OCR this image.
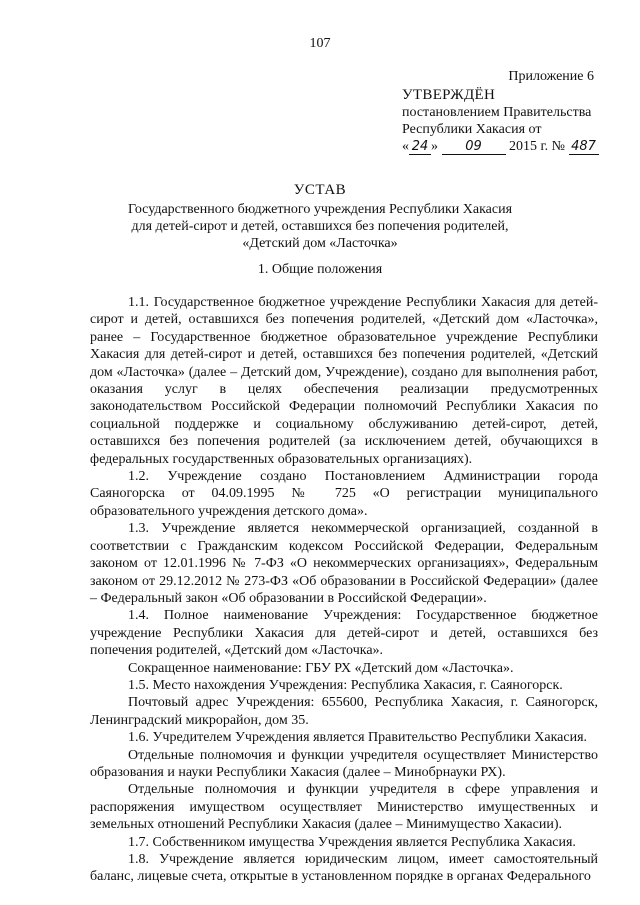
107
Приложение 6
УТВЕРЖДЁН
постановлением Правительства
Республики Хакасия от
« 24 » 09 2015 г. № 487
УСТАВ
Государственного бюджетного учреждения Республики Хакасия
для детей-сирот и детей, оставшихся без попечения родителей,
«Детский дом «Ласточка»
1. Общие положения

1.1. Государственное бюджетное учреждение Республики Хакасия для детей-сирот и детей, оставшихся без попечения родителей, «Детский дом «Ласточка», ранее – Государственное бюджетное образовательное учреждение Республики Хакасия для детей-сирот и детей, оставшихся без попечения родителей, «Детский дом «Ласточка» (далее – Детский дом, Учреждение), создано для выполнения работ, оказания услуг в целях обеспечения реализации предусмотренных законодательством Российской Федерации полномочий Республики Хакасия по социальной поддержке и социальному обслуживанию детей-сирот, детей, оставшихся без попечения родителей (за исключением детей, обучающихся в федеральных государственных образовательных организациях).

1.2. Учреждение создано Постановлением Администрации города Саяногорска от 04.09.1995 № 725 «О регистрации муниципального образовательного учреждения детского дома».

1.3. Учреждение является некоммерческой организацией, созданной в соответствии с Гражданским кодексом Российской Федерации, Федеральным законом от 12.01.1996 № 7-ФЗ «О некоммерческих организациях», Федеральным законом от 29.12.2012 № 273-ФЗ «Об образовании в Российской Федерации» (далее – Федеральный закон «Об образовании в Российской Федерации».

1.4. Полное наименование Учреждения: Государственное бюджетное учреждение Республики Хакасия для детей-сирот и детей, оставшихся без попечения родителей, «Детский дом «Ласточка».

Сокращенное наименование: ГБУ РХ «Детский дом «Ласточка».

1.5. Место нахождения Учреждения: Республика Хакасия, г. Саяногорск.

Почтовый адрес Учреждения: 655600, Республика Хакасия, г. Саяногорск, Ленинградский микрорайон, дом 35.

1.6. Учредителем Учреждения является Правительство Республики Хакасия.

Отдельные полномочия и функции учредителя осуществляет Министерство образования и науки Республики Хакасия (далее – Минобрнауки РХ).

Отдельные полномочия и функции учредителя в сфере управления и распоряжения имуществом осуществляет Министерство имущественных и земельных отношений Республики Хакасия (далее – Минимущество Хакасии).

1.7. Собственником имущества Учреждения является Республика Хакасия.

1.8. Учреждение является юридическим лицом, имеет самостоятельный баланс, лицевые счета, открытые в установленном порядке в органах Федерального
